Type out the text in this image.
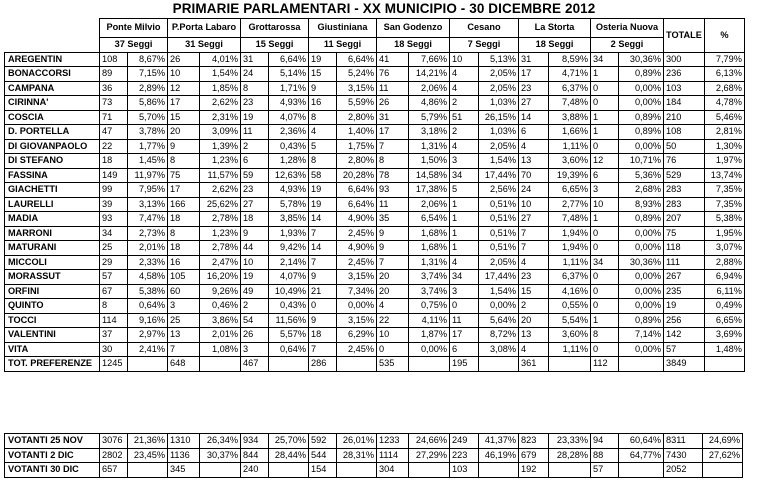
PRIMARIE PARLAMENTARI - XX MUNICIPIO - 30 DICEMBRE 2012
	Ponte Milvio		P.Porta Labaro		Grottarossa		Giustiniana		San Godenzo		Cesano		La Storta		Osteria Nuova		TOTALE	%
	37 Seggi		31 Seggi		15 Seggi		11 Seggi		18 Seggi		7 Seggi		18 Seggi		2 Seggi			
AREGENTIN	108	8,67%	26	4,01%	31	6,64%	19	6,64%	41	7,66%	10	5,13%	31	8,59%	34	30,36%	300	7,79%
BONACCORSI	89	7,15%	10	1,54%	24	5,14%	15	5,24%	76	14,21%	4	2,05%	17	4,71%	1	0,89%	236	6,13%
CAMPANA	36	2,89%	12	1,85%	8	1,71%	9	3,15%	11	2,06%	4	2,05%	23	6,37%	0	0,00%	103	2,68%
CIRINNA'	73	5,86%	17	2,62%	23	4,93%	16	5,59%	26	4,86%	2	1,03%	27	7,48%	0	0,00%	184	4,78%
COSCIA	71	5,70%	15	2,31%	19	4,07%	8	2,80%	31	5,79%	51	26,15%	14	3,88%	1	0,89%	210	5,46%
D. PORTELLA	47	3,78%	20	3,09%	11	2,36%	4	1,40%	17	3,18%	2	1,03%	6	1,66%	1	0,89%	108	2,81%
DI GIOVANPAOLO	22	1,77%	9	1,39%	2	0,43%	5	1,75%	7	1,31%	4	2,05%	4	1,11%	0	0,00%	50	1,30%
DI STEFANO	18	1,45%	8	1,23%	6	1,28%	8	2,80%	8	1,50%	3	1,54%	13	3,60%	12	10,71%	76	1,97%
FASSINA	149	11,97%	75	11,57%	59	12,63%	58	20,28%	78	14,58%	34	17,44%	70	19,39%	6	5,36%	529	13,74%
GIACHETTI	99	7,95%	17	2,62%	23	4,93%	19	6,64%	93	17,38%	5	2,56%	24	6,65%	3	2,68%	283	7,35%
LAURELLI	39	3,13%	166	25,62%	27	5,78%	19	6,64%	11	2,06%	1	0,51%	10	2,77%	10	8,93%	283	7,35%
MADIA	93	7,47%	18	2,78%	18	3,85%	14	4,90%	35	6,54%	1	0,51%	27	7,48%	1	0,89%	207	5,38%
MARRONI	34	2,73%	8	1,23%	9	1,93%	7	2,45%	9	1,68%	1	0,51%	7	1,94%	0	0,00%	75	1,95%
MATURANI	25	2,01%	18	2,78%	44	9,42%	14	4,90%	9	1,68%	1	0,51%	7	1,94%	0	0,00%	118	3,07%
MICCOLI	29	2,33%	16	2,47%	10	2,14%	7	2,45%	7	1,31%	4	2,05%	4	1,11%	34	30,36%	111	2,88%
MORASSUT	57	4,58%	105	16,20%	19	4,07%	9	3,15%	20	3,74%	34	17,44%	23	6,37%	0	0,00%	267	6,94%
ORFINI	67	5,38%	60	9,26%	49	10,49%	21	7,34%	20	3,74%	3	1,54%	15	4,16%	0	0,00%	235	6,11%
QUINTO	8	0,64%	3	0,46%	2	0,43%	0	0,00%	4	0,75%	0	0,00%	2	0,55%	0	0,00%	19	0,49%
TOCCI	114	9,16%	25	3,86%	54	11,56%	9	3,15%	22	4,11%	11	5,64%	20	5,54%	1	0,89%	256	6,65%
VALENTINI	37	2,97%	13	2,01%	26	5,57%	18	6,29%	10	1,87%	17	8,72%	13	3,60%	8	7,14%	142	3,69%
VITA	30	2,41%	7	1,08%	3	0,64%	7	2,45%	0	0,00%	6	3,08%	4	1,11%	0	0,00%	57	1,48%
TOT. PREFERENZE	1245		648		467		286		535		195		361		112		3849	
VOTANTI 25 NOV	3076	21,36%	1310	26,34%	934	25,70%	592	26,01%	1233	24,66%	249	41,37%	823	23,33%	94	60,64%	8311	24,69%
VOTANTI 2 DIC	2802	23,45%	1136	30,37%	844	28,44%	544	28,31%	1114	27,29%	223	46,19%	679	28,28%	88	64,77%	7430	27,62%
VOTANTI 30 DIC	657		345		240		154		304		103		192		57		2052	
